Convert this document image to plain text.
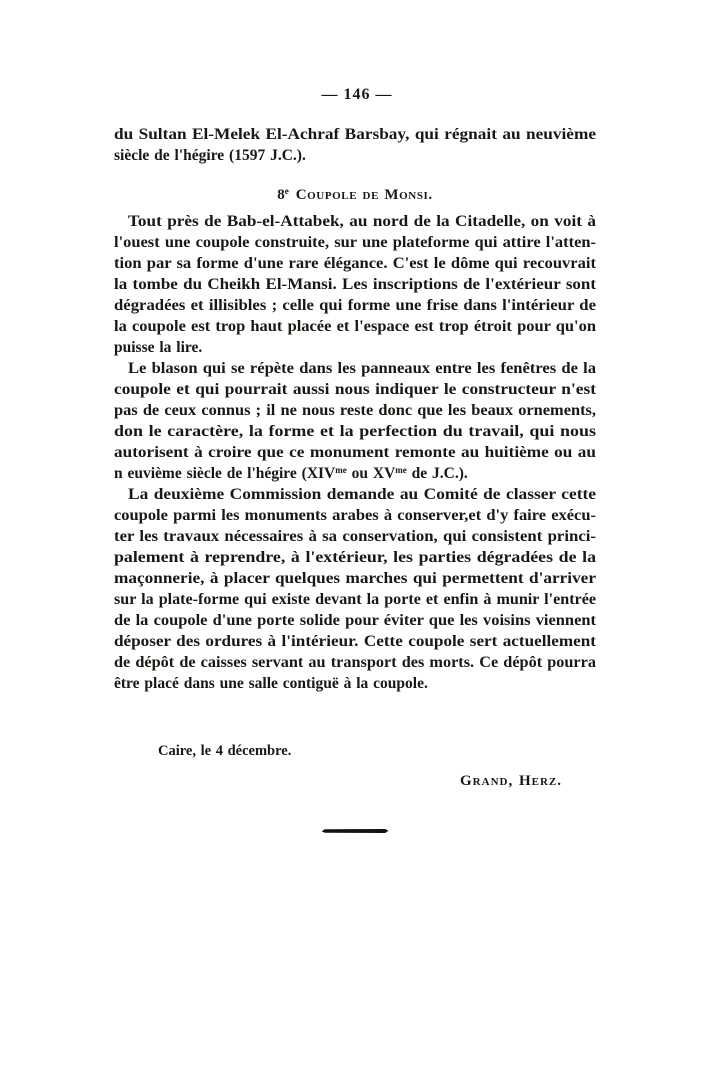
— 146 —
du Sultan El-Melek El-Achraf Barsbay, qui régnait au neuvième
siècle de l'hégire (1597 J.C.).
8e Coupole de Monsi.
Tout près de Bab-el-Attabek, au nord de la Citadelle, on voit à
l'ouest une coupole construite, sur une plateforme qui attire l'atten-
tion par sa forme d'une rare élégance. C'est le dôme qui recouvrait
la tombe du Cheikh El-Mansi. Les inscriptions de l'extérieur sont
dégradées et illisibles ; celle qui forme une frise dans l'intérieur de
la coupole est trop haut placée et l'espace est trop étroit pour qu'on
puisse la lire.
Le blason qui se répète dans les panneaux entre les fenêtres de la
coupole et qui pourrait aussi nous indiquer le constructeur n'est
pas de ceux connus ; il ne nous reste donc que les beaux ornements,
don le caractère, la forme et la perfection du travail, qui nous
autorisent à croire que ce monument remonte au huitième ou au
n euvième siècle de l'hégire ($XIV^{me}$ ou $XV^{me}$ de J.C.).
La deuxième Commission demande au Comité de classer cette
coupole parmi les monuments arabes à conserver,et d'y faire exécu-
ter les travaux nécessaires à sa conservation, qui consistent princi-
palement à reprendre, à l'extérieur, les parties dégradées de la
maçonnerie, à placer quelques marches qui permettent d'arriver
sur la plate-forme qui existe devant la porte et enfin à munir l'entrée
de la coupole d'une porte solide pour éviter que les voisins viennent
déposer des ordures à l'intérieur. Cette coupole sert actuellement
de dépôt de caisses servant au transport des morts. Ce dépôt pourra
être placé dans une salle contiguë à la coupole.
Caire, le 4 décembre.
Grand, Herz.
